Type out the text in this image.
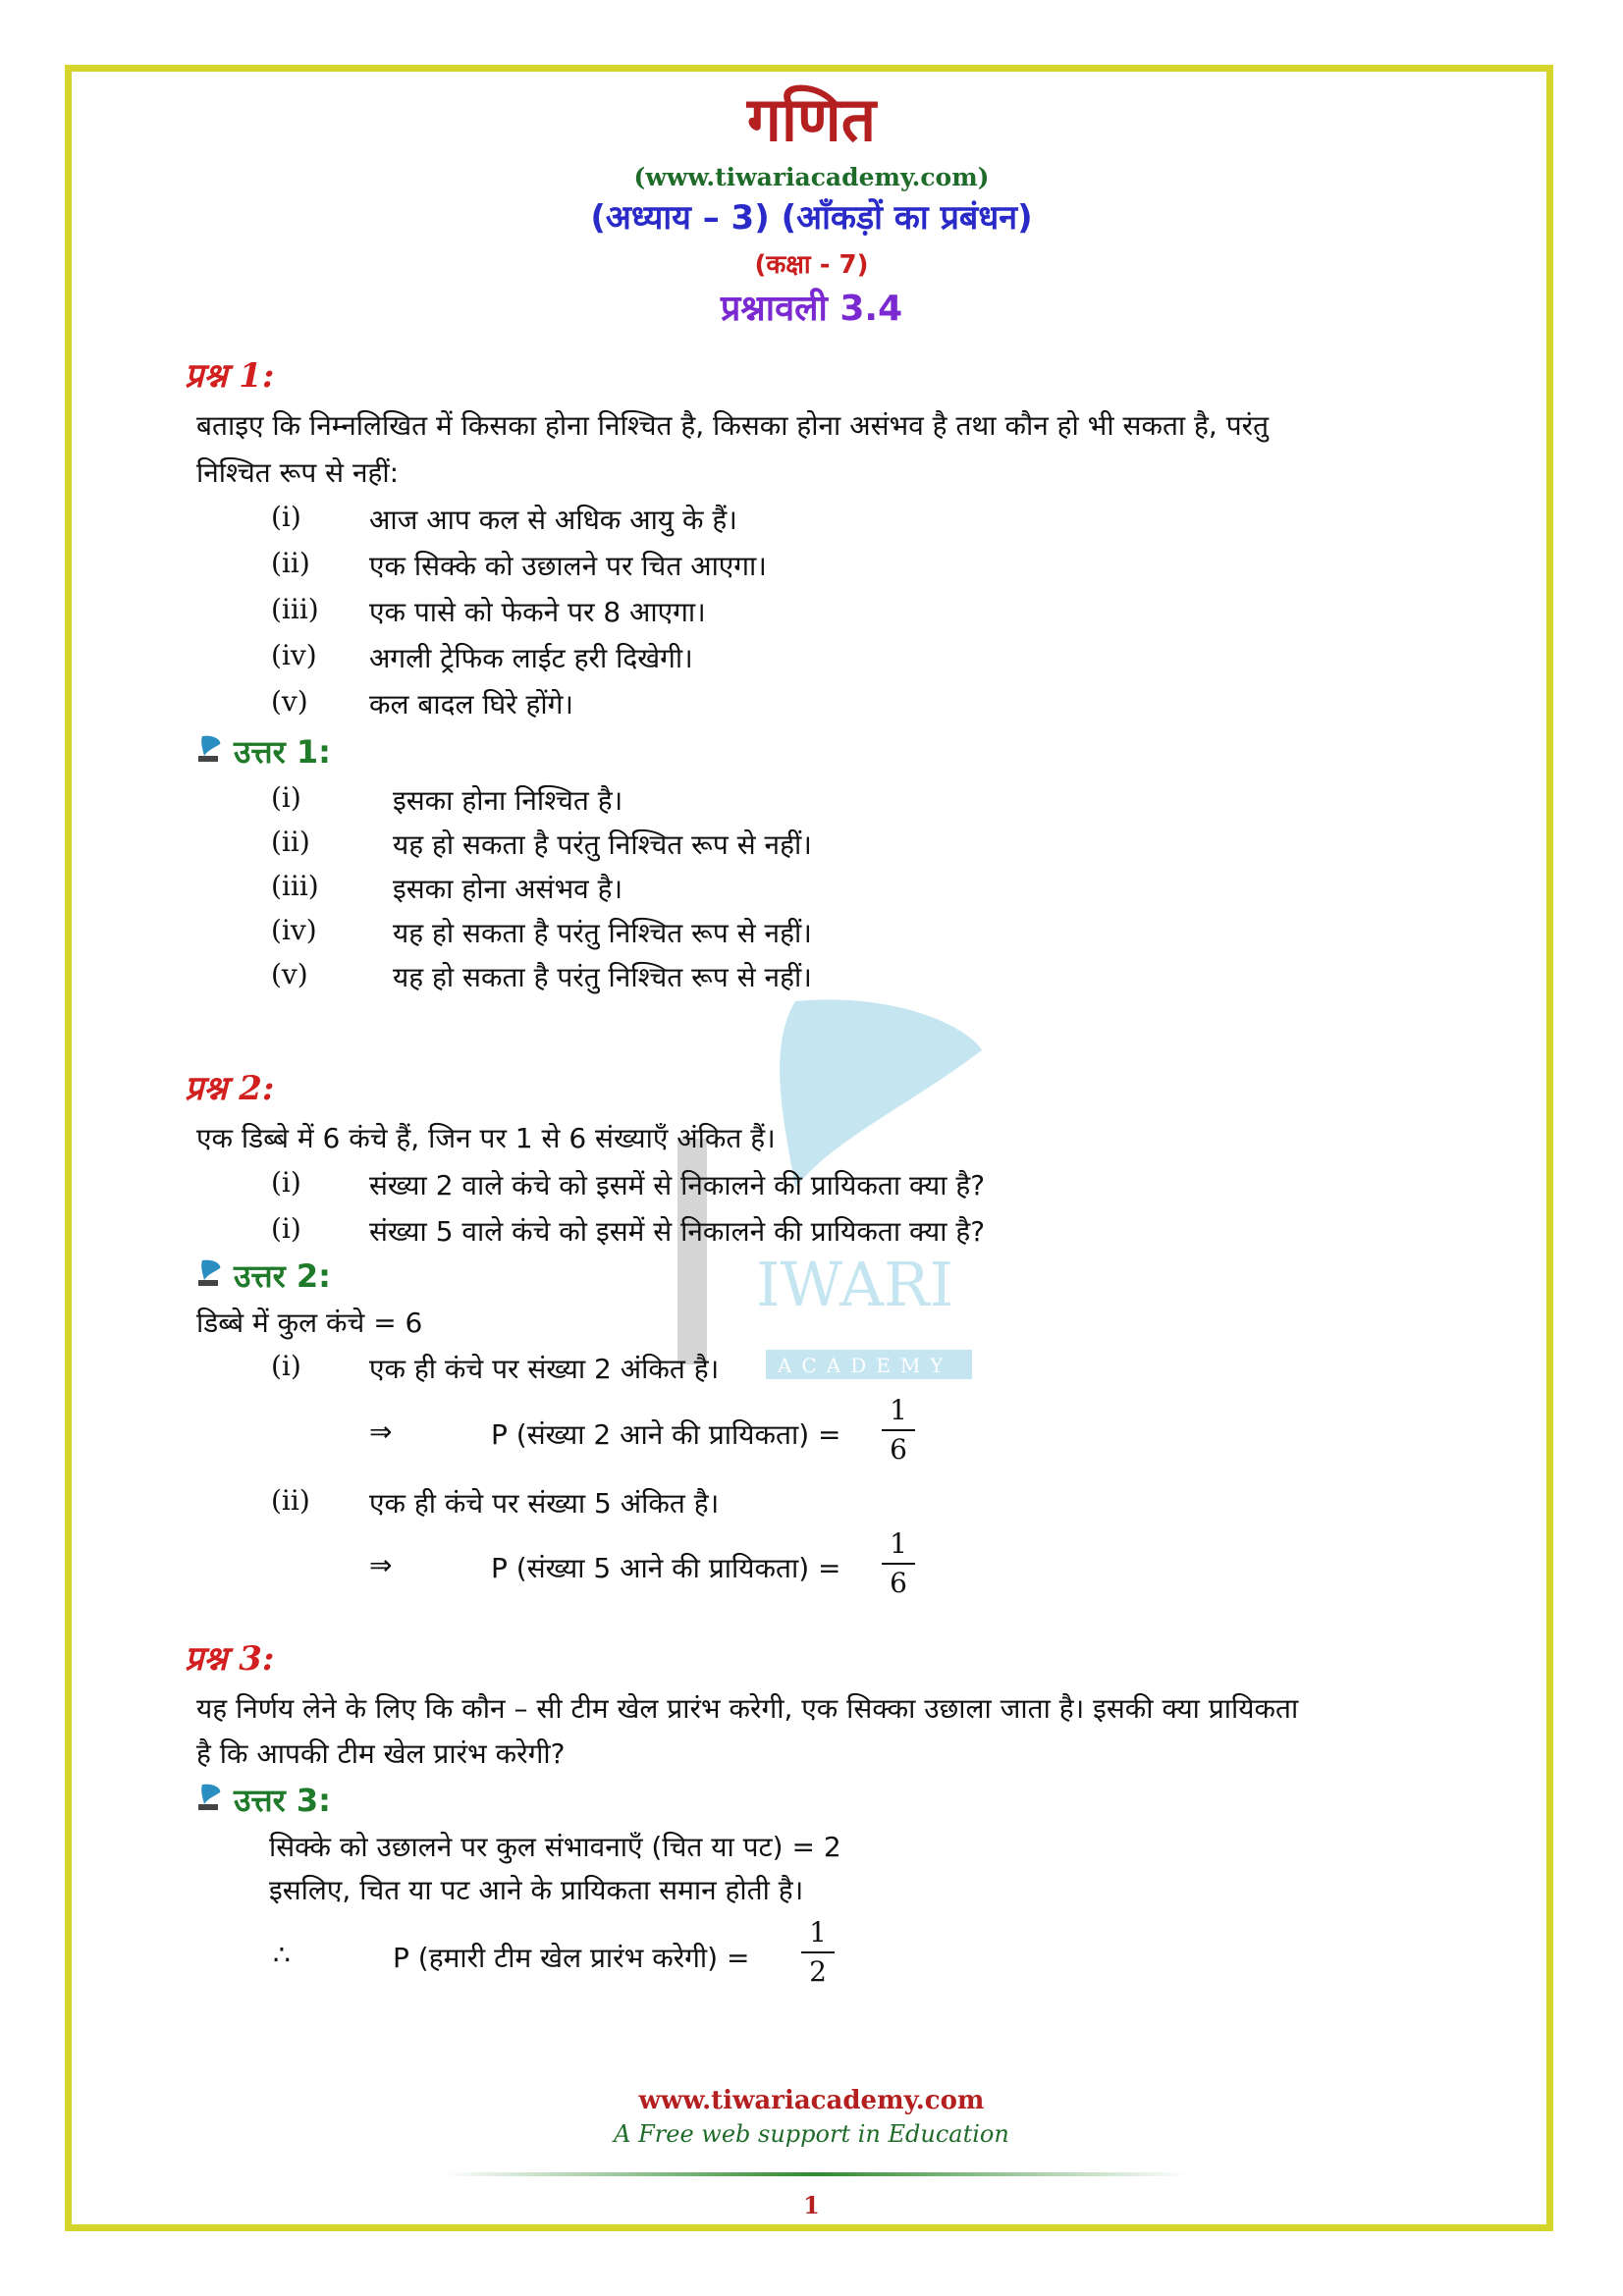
IWARI
ACADEMY
गणित
(www.tiwariacademy.com)
(अध्याय – 3) (आँकड़ों का प्रबंधन)
(कक्षा - 7)
प्रश्नावली 3.4
प्रश्न 1:
बताइए कि निम्नलिखित में किसका होना निश्चित है, किसका होना असंभव है तथा कौन हो भी सकता है, परंतु
निश्चित रूप से नहीं:
(i) आज आप कल से अधिक आयु के हैं।
(ii) एक सिक्के को उछालने पर चित आएगा।
(iii) एक पासे को फेकने पर 8 आएगा।
(iv) अगली ट्रेफिक लाईट हरी दिखेगी।
(v) कल बादल घिरे होंगे।
उत्तर 1:
(i)	इसका होना निश्चित है।
(ii)	यह हो सकता है परंतु निश्चित रूप से नहीं।
(iii)	इसका होना असंभव है।
(iv)	यह हो सकता है परंतु निश्चित रूप से नहीं।
(v)	यह हो सकता है परंतु निश्चित रूप से नहीं।
प्रश्न 2:
एक डिब्बे में 6 कंचे हैं, जिन पर 1 से 6 संख्याएँ अंकित हैं।
(i) संख्या 2 वाले कंचे को इसमें से निकालने की प्रायिकता क्या है?
(i) संख्या 5 वाले कंचे को इसमें से निकालने की प्रायिकता क्या है?
उत्तर 2:
डिब्बे में कुल कंचे = 6
(i) एक ही कंचे पर संख्या 2 अंकित है।
⇒	P (संख्या 2 आने की प्रायिकता) =
1
6
(ii) एक ही कंचे पर संख्या 5 अंकित है।
⇒	P (संख्या 5 आने की प्रायिकता) =
1
6
प्रश्न 3:
यह निर्णय लेने के लिए कि कौन – सी टीम खेल प्रारंभ करेगी, एक सिक्का उछाला जाता है। इसकी क्या प्रायिकता
है कि आपकी टीम खेल प्रारंभ करेगी?
उत्तर 3:
सिक्के को उछालने पर कुल संभावनाएँ (चित या पट) = 2
इसलिए, चित या पट आने के प्रायिकता समान होती है।
∴	P (हमारी टीम खेल प्रारंभ करेगी) =
1
2
www.tiwariacademy.com
A Free web support in Education
1
